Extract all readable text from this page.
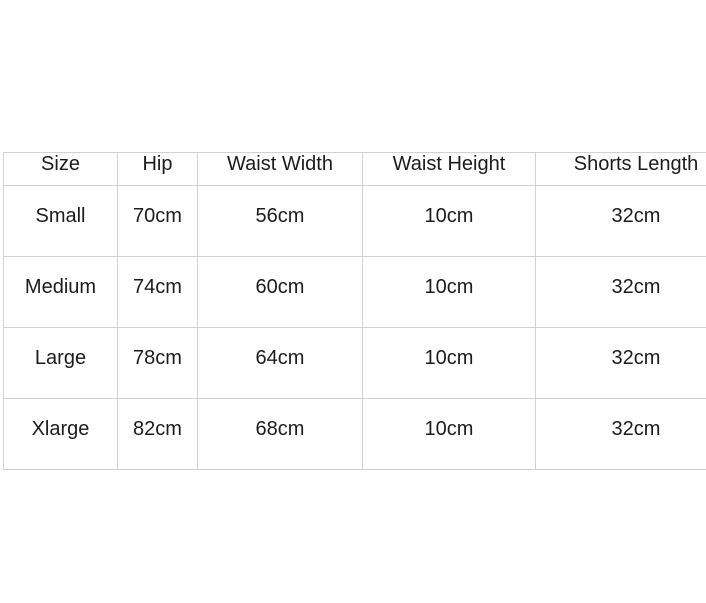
Size	Hip	Waist Width	Waist Height	Shorts Length
Small	70cm	56cm	10cm	32cm
Medium	74cm	60cm	10cm	32cm
Large	78cm	64cm	10cm	32cm
Xlarge	82cm	68cm	10cm	32cm
